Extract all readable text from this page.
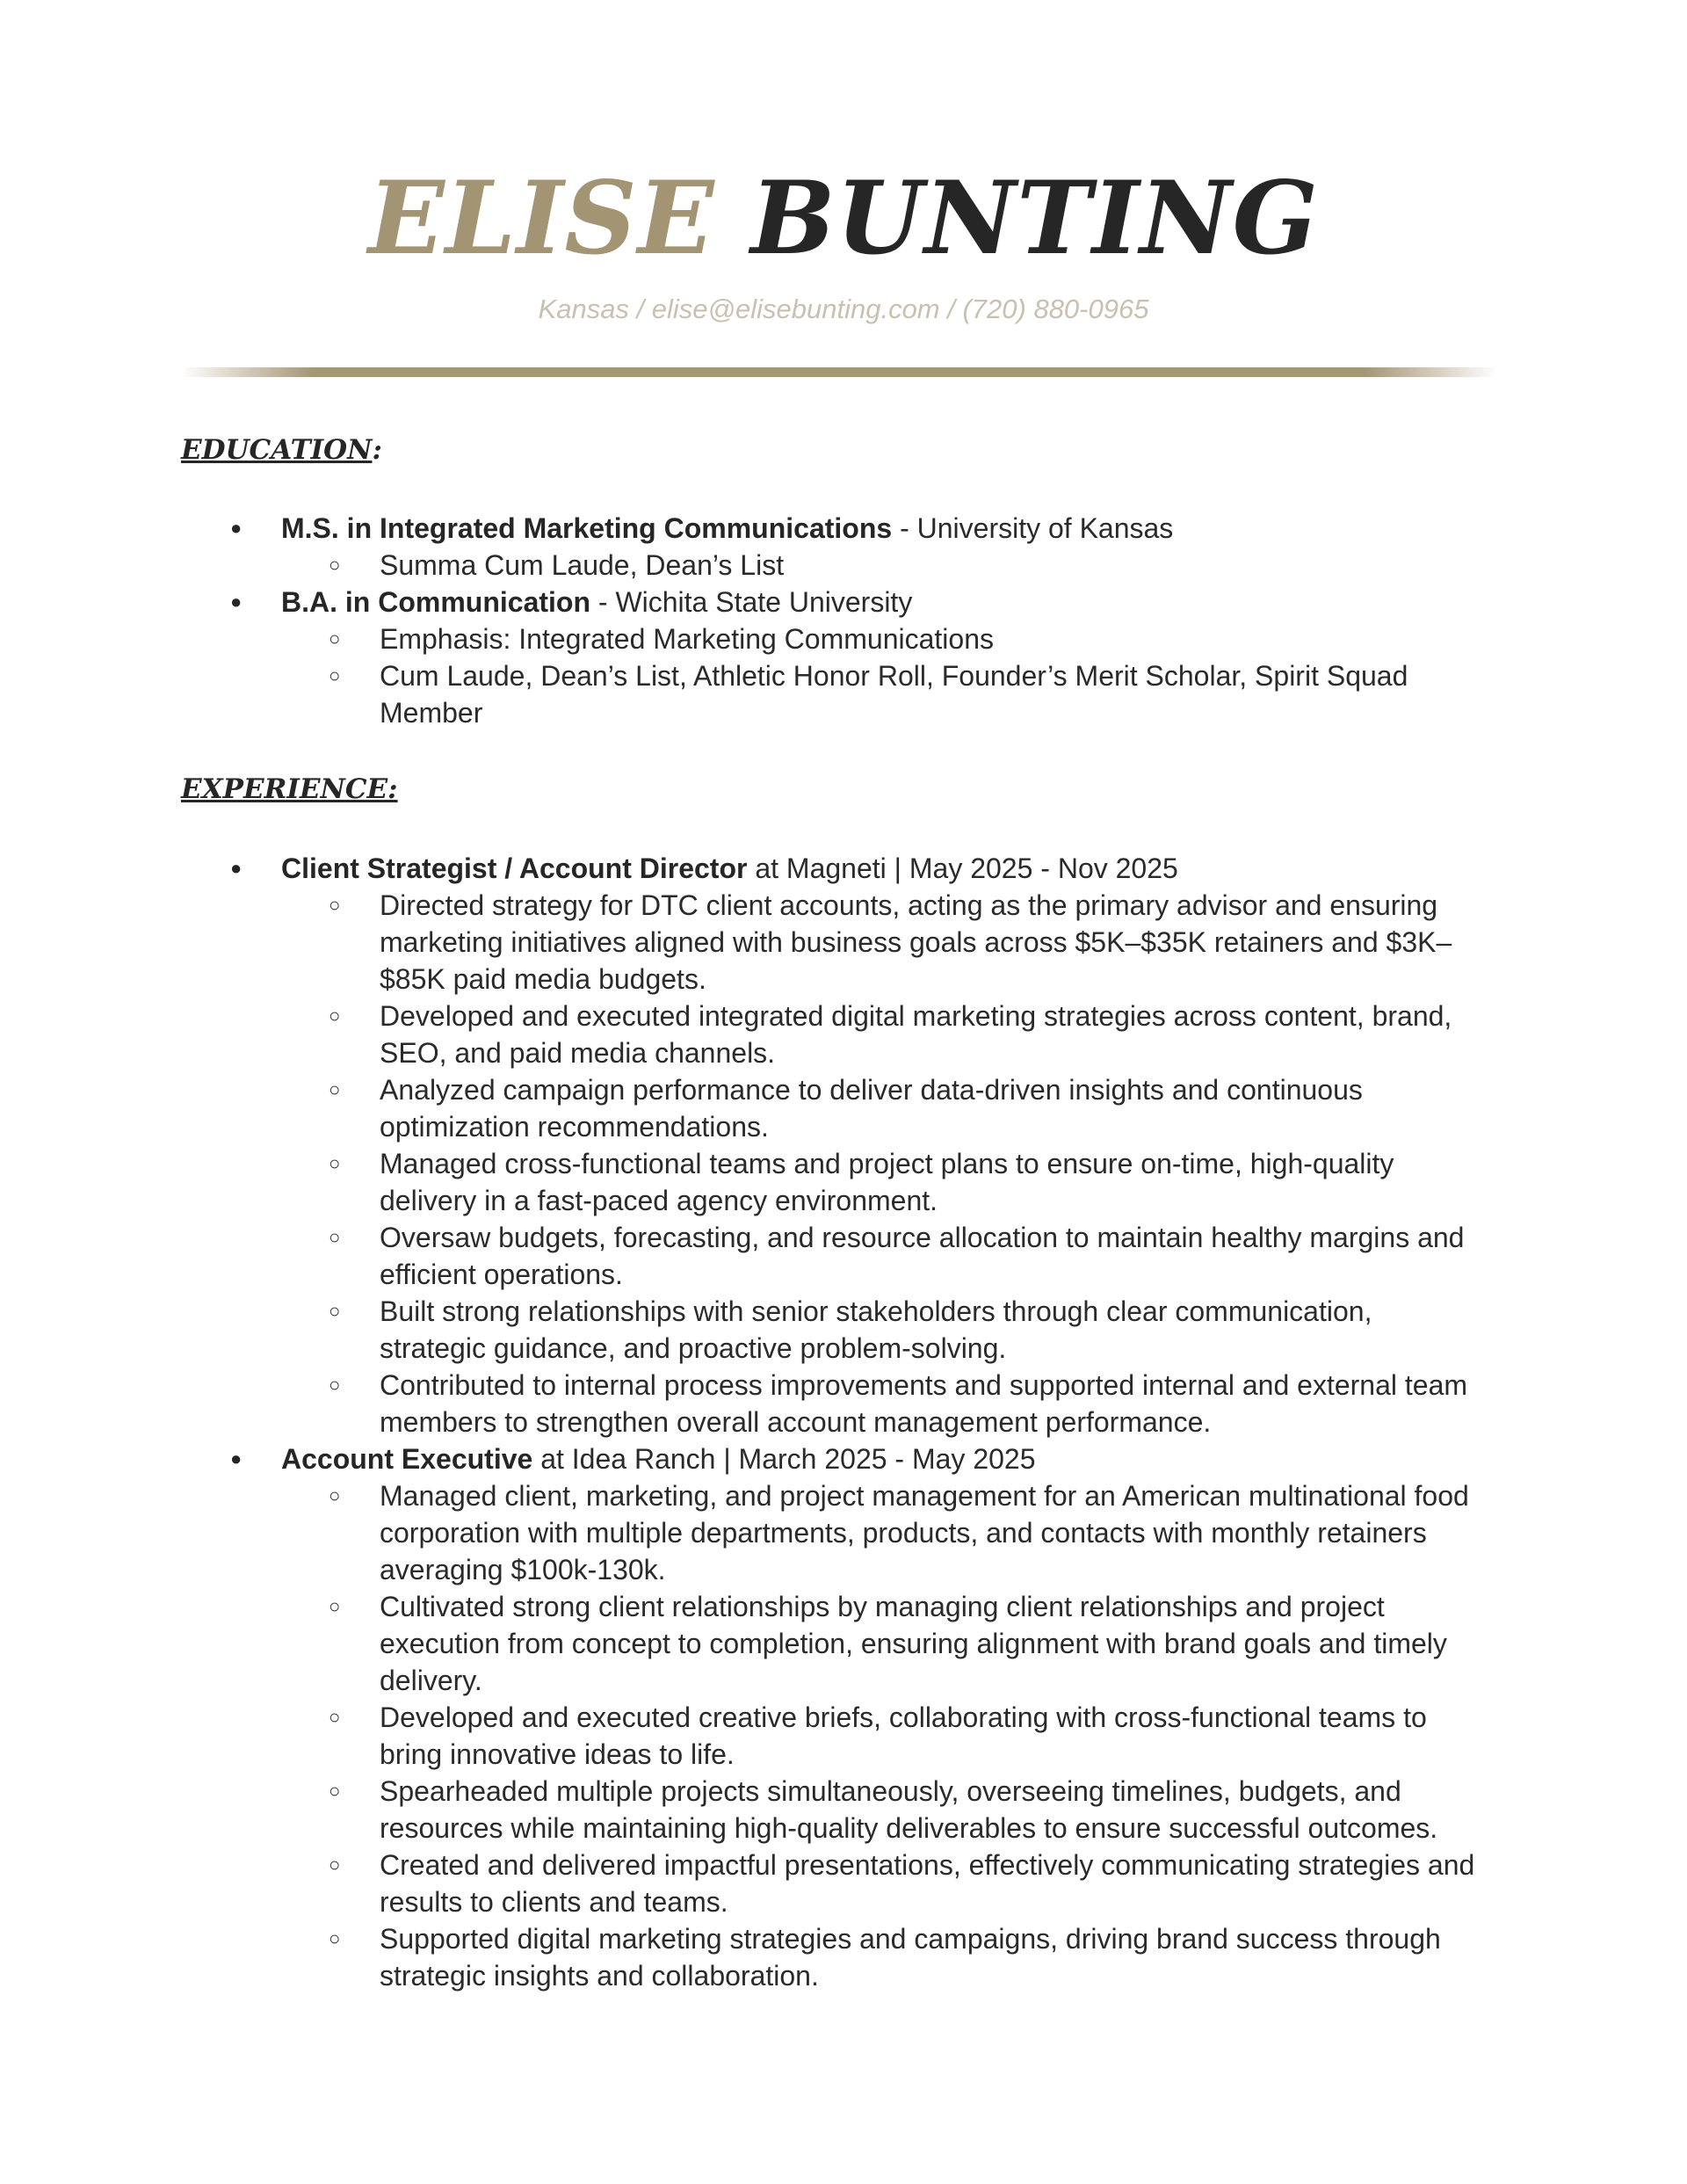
ELISE BUNTING
Kansas / elise@elisebunting.com / (720) 880-0965
EDUCATION:
● M.S. in Integrated Marketing Communications - University of Kansas
○ Summa Cum Laude, Dean’s List
● B.A. in Communication - Wichita State University
○ Emphasis: Integrated Marketing Communications
○ Cum Laude, Dean’s List, Athletic Honor Roll, Founder’s Merit Scholar, Spirit Squad Member
EXPERIENCE:
● Client Strategist / Account Director at Magneti | May 2025 - Nov 2025
○ Directed strategy for DTC client accounts, acting as the primary advisor and ensuring marketing initiatives aligned with business goals across $5K–$35K retainers and $3K–$85K paid media budgets.
○ Developed and executed integrated digital marketing strategies across content, brand, SEO, and paid media channels.
○ Analyzed campaign performance to deliver data-driven insights and continuous optimization recommendations.
○ Managed cross-functional teams and project plans to ensure on-time, high-quality delivery in a fast-paced agency environment.
○ Oversaw budgets, forecasting, and resource allocation to maintain healthy margins and efficient operations.
○ Built strong relationships with senior stakeholders through clear communication, strategic guidance, and proactive problem-solving.
○ Contributed to internal process improvements and supported internal and external team members to strengthen overall account management performance.
● Account Executive at Idea Ranch | March 2025 - May 2025
○ Managed client, marketing, and project management for an American multinational food corporation with multiple departments, products, and contacts with monthly retainers averaging $100k-130k.
○ Cultivated strong client relationships by managing client relationships and project execution from concept to completion, ensuring alignment with brand goals and timely delivery.
○ Developed and executed creative briefs, collaborating with cross-functional teams to bring innovative ideas to life.
○ Spearheaded multiple projects simultaneously, overseeing timelines, budgets, and resources while maintaining high-quality deliverables to ensure successful outcomes.
○ Created and delivered impactful presentations, effectively communicating strategies and results to clients and teams.
○ Supported digital marketing strategies and campaigns, driving brand success through strategic insights and collaboration.
